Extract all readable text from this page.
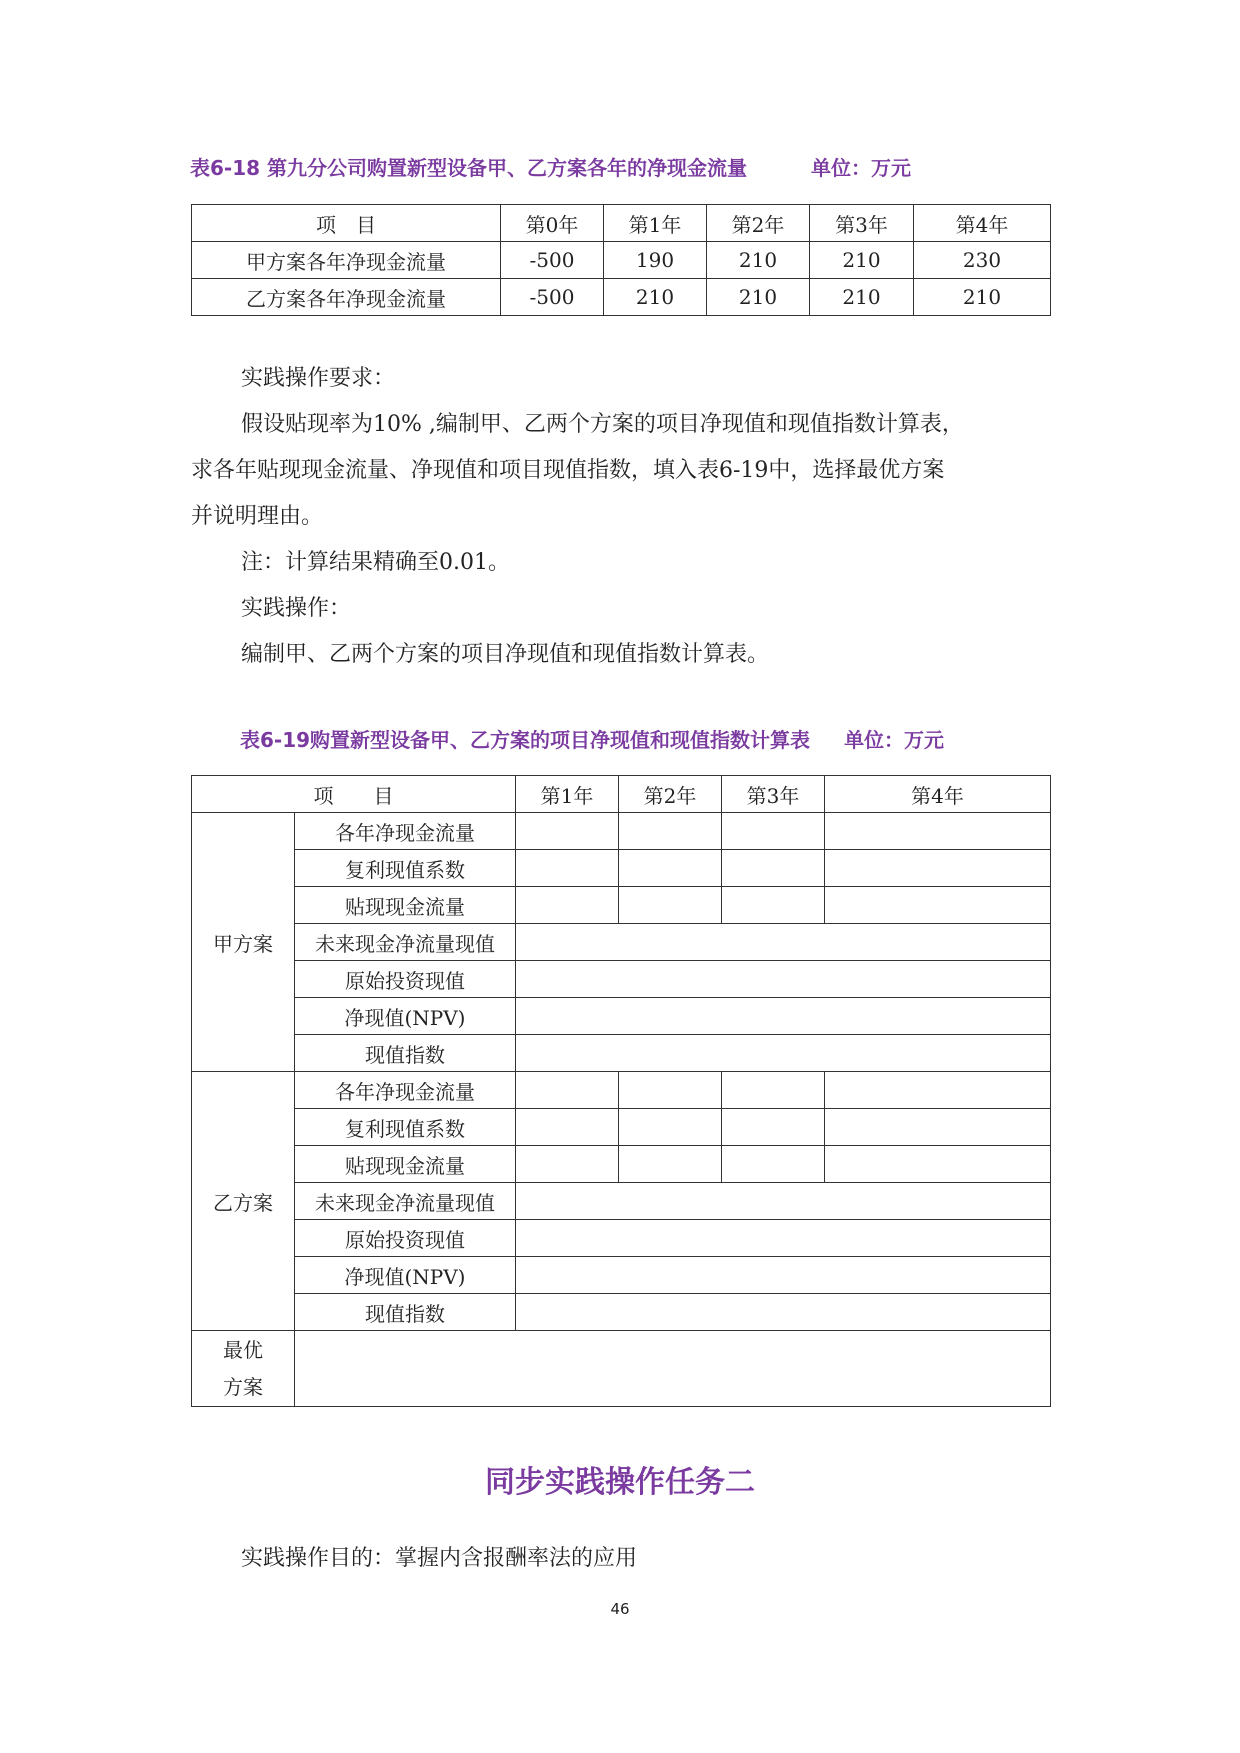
表6-18 第九分公司购置新型设备甲、乙方案各年的净现金流量	单位：万元
项　目	第0年	第1年	第2年	第3年	第4年
甲方案各年净现金流量	-500	190	210	210	230
乙方案各年净现金流量	-500	210	210	210	210
实践操作要求：
假设贴现率为10% ,编制甲、乙两个方案的项目净现值和现值指数计算表，
求各年贴现现金流量、净现值和项目现值指数，填入表6-19中，选择最优方案
并说明理由。
注：计算结果精确至0.01。
实践操作：
编制甲、乙两个方案的项目净现值和现值指数计算表。
表6-19购置新型设备甲、乙方案的项目净现值和现值指数计算表 单位：万元
项　　目		第1年	第2年	第3年	第4年
甲方案	各年净现金流量				
	复利现值系数				
	贴现现金流量				
	未来现金净流量现值				
	原始投资现值				
	净现值(NPV)				
	现值指数				
乙方案	各年净现金流量				
	复利现值系数				
	贴现现金流量				
	未来现金净流量现值				
	原始投资现值				
	净现值(NPV)				
	现值指数				

最优
方案					

同步实践操作任务二
实践操作目的：掌握内含报酬率法的应用
46
